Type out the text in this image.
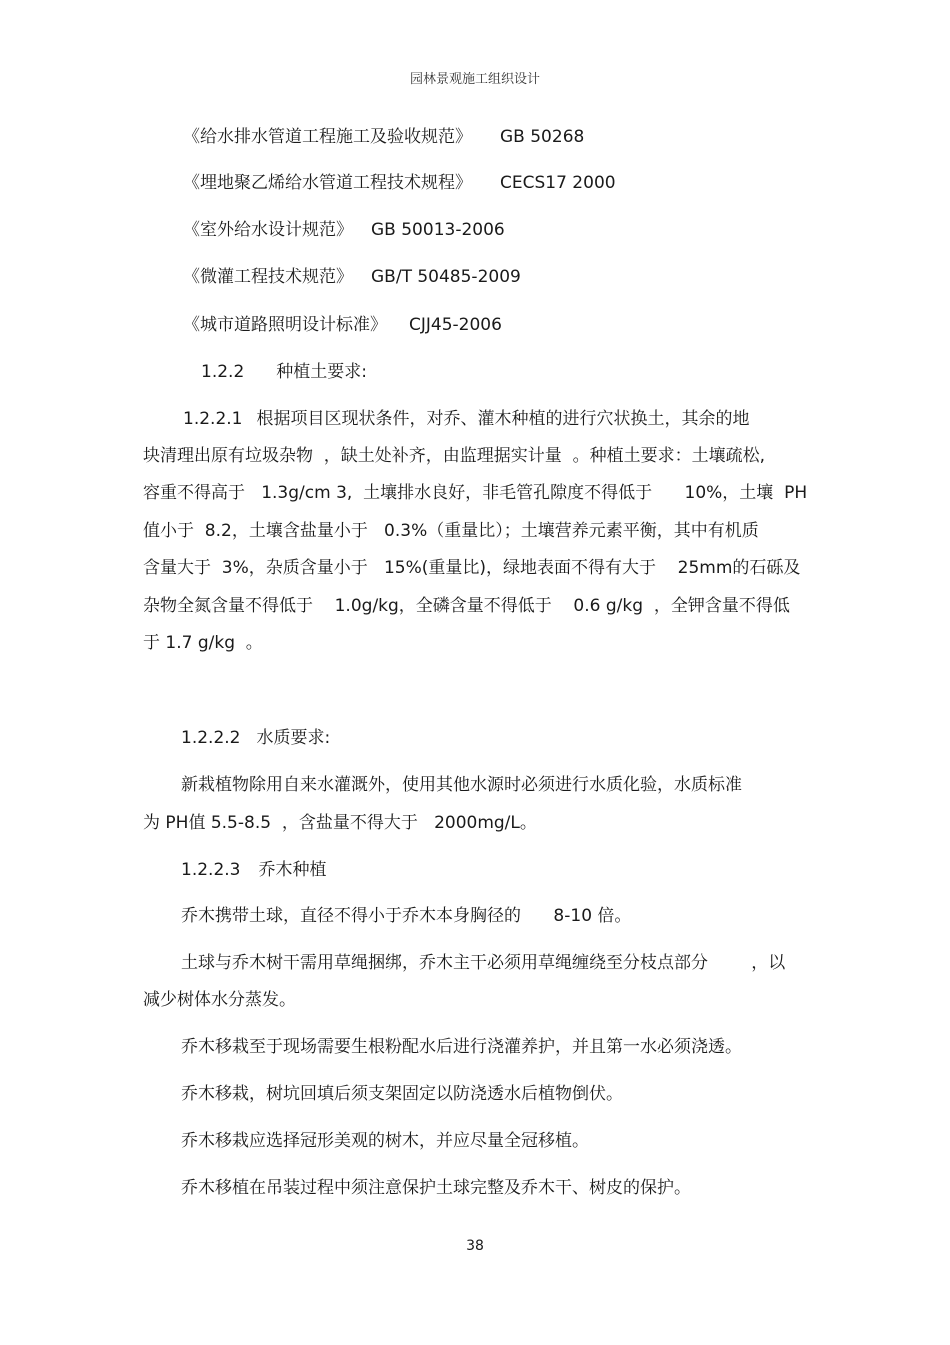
园林景观施工组织设计
《给水排水管道工程施工及验收规范》 GB 50268
《埋地聚乙烯给水管道工程技术规程》 CECS17 2000
《室外给水设计规范》 GB 50013-2006
《微灌工程技术规范》 GB/T 50485-2009
《城市道路照明设计标准》 CJJ45-2006
1.2.2 种植土要求:
1.2.2.1 根据项目区现状条件，对乔、灌木种植的进行穴状换土，其余的地
块清理出原有垃圾杂物  ，缺土处补齐，由监理据实计量  。种植土要求：土壤疏松,
容重不得高于   1.3g/cm 3,  土壤排水良好，非毛管孔隙度不得低于      10%，土壤  PH
值小于  8.2，土壤含盐量小于   0.3%（重量比）；土壤营养元素平衡，其中有机质
含量大于  3%，杂质含量小于   15%(重量比)，绿地表面不得有大于    25mm的石砾及
杂物全氮含量不得低于    1.0g/kg，全磷含量不得低于    0.6 g/kg  ，全钾含量不得低
于 1.7 g/kg  。
1.2.2.2 水质要求:
新栽植物除用自来水灌溉外，使用其他水源时必须进行水质化验，水质标准
为 PH值 5.5-8.5  ，含盐量不得大于   2000mg/L。
1.2.2.3 乔木种植
乔木携带土球，直径不得小于乔木本身胸径的      8-10 倍。
土球与乔木树干需用草绳捆绑，乔木主干必须用草绳缠绕至分枝点部分        ，以
减少树体水分蒸发。
乔木移栽至于现场需要生根粉配水后进行浇灌养护，并且第一水必须浇透。
乔木移栽，树坑回填后须支架固定以防浇透水后植物倒伏。
乔木移栽应选择冠形美观的树木，并应尽量全冠移植。
乔木移植在吊装过程中须注意保护土球完整及乔木干、树皮的保护。
38
